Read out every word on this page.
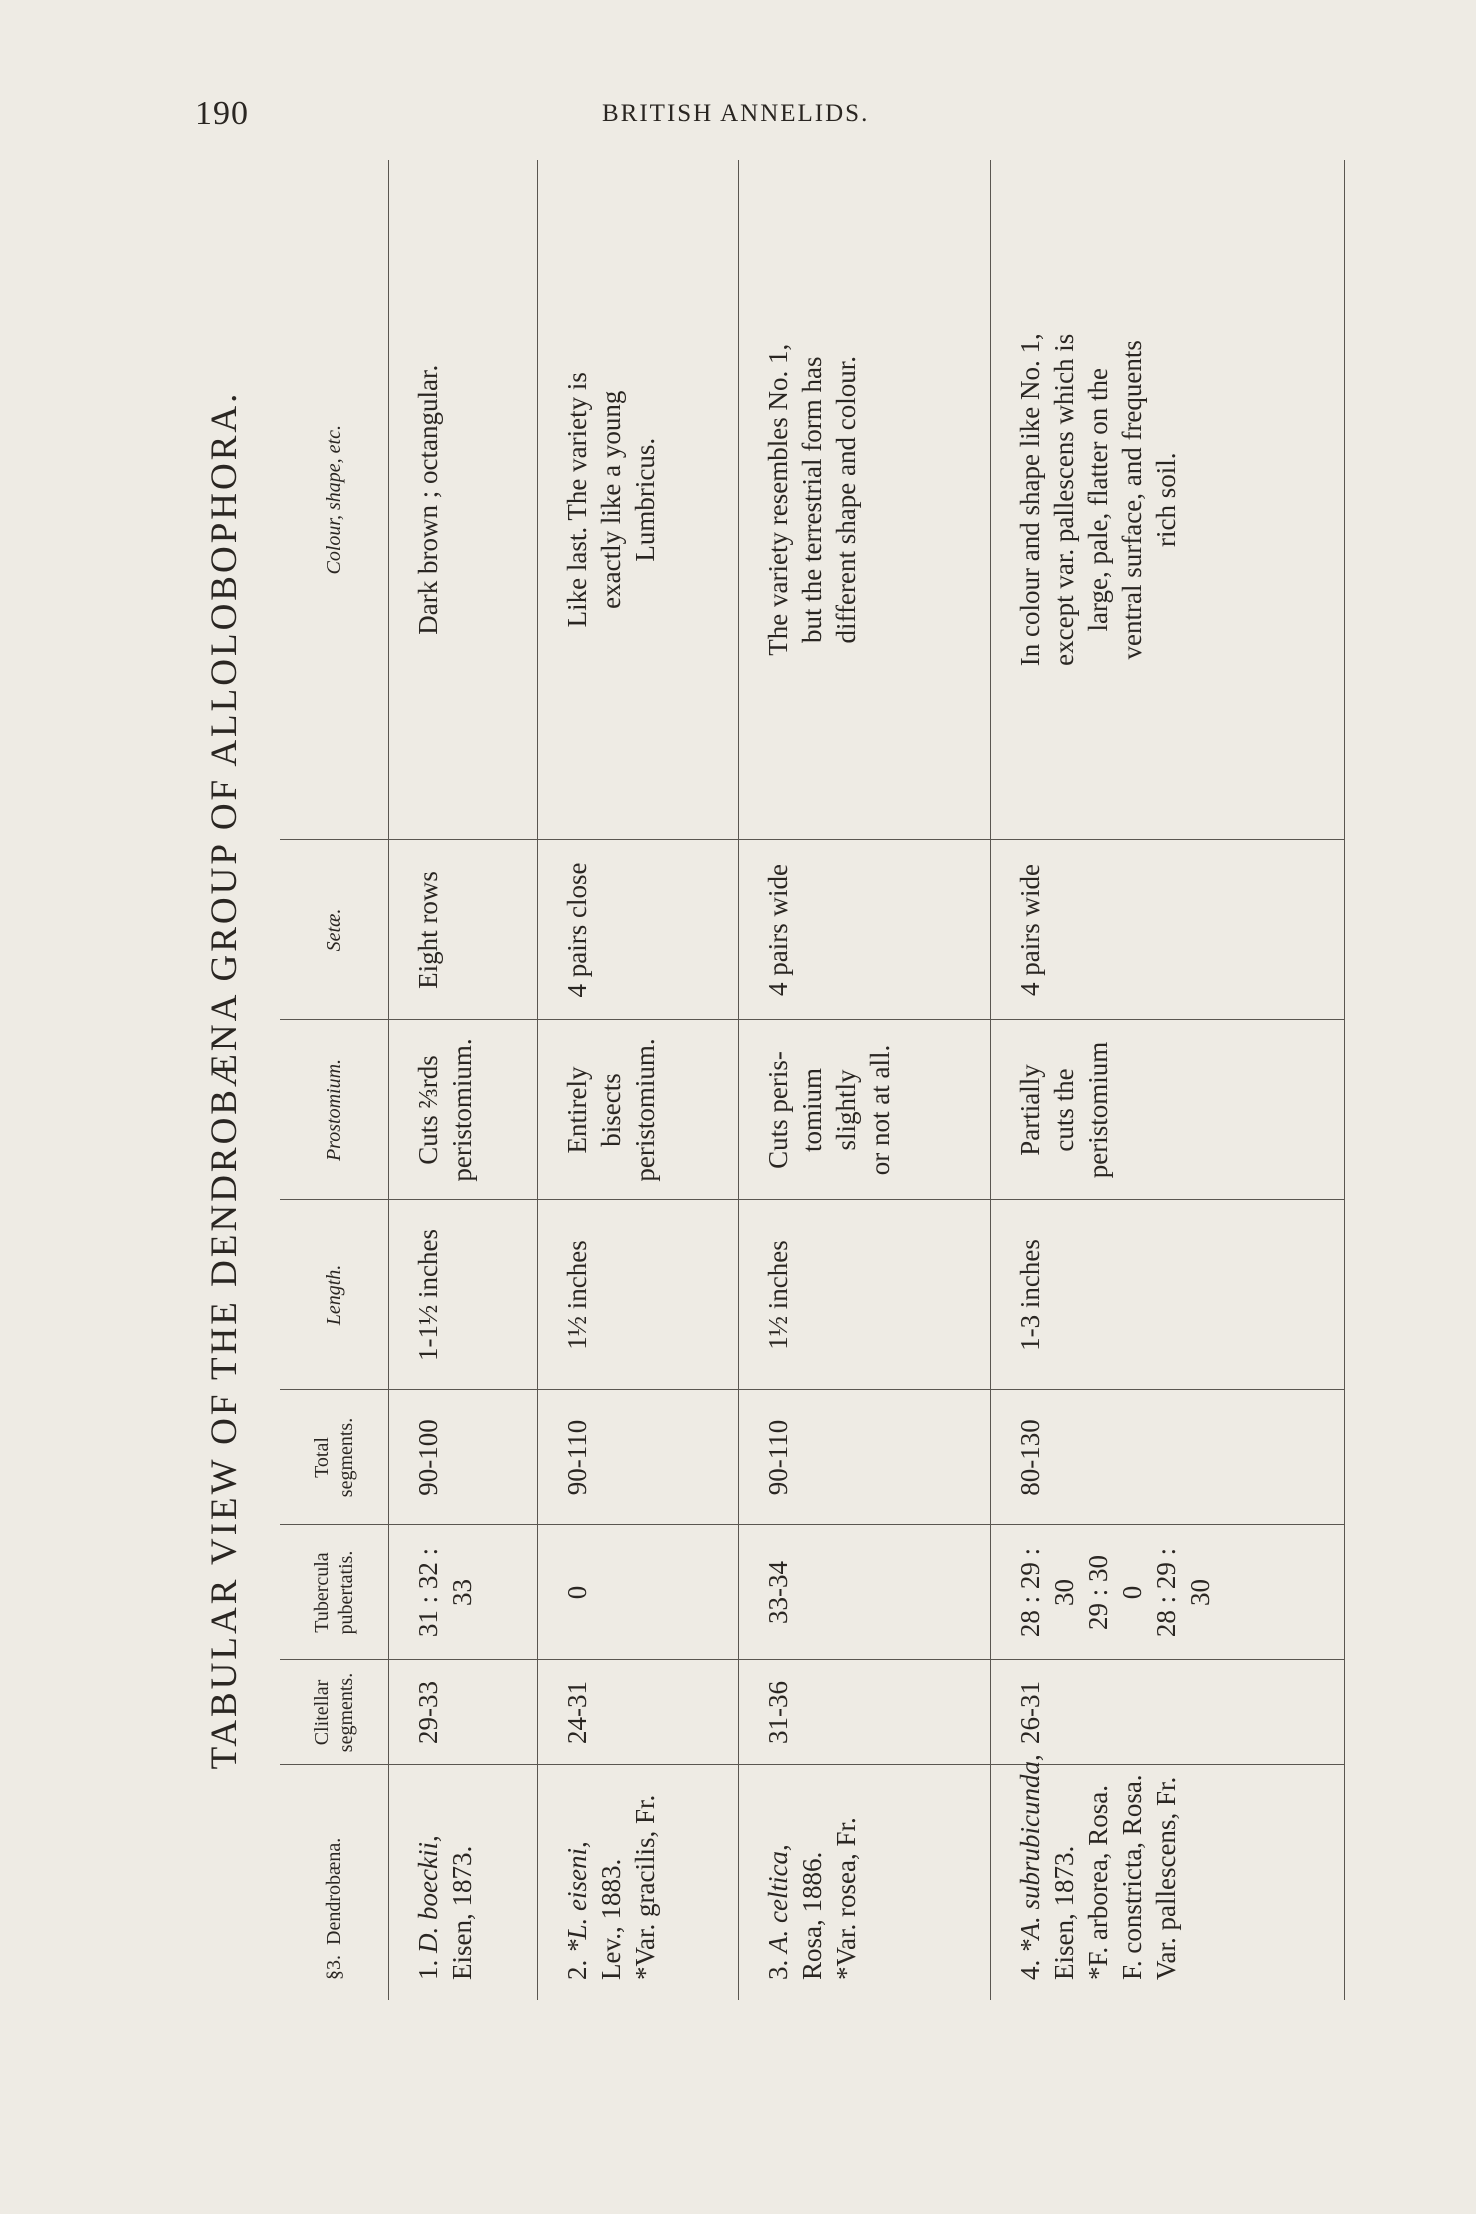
190	BRITISH ANNELIDS.
TABULAR VIEW OF THE DENDROBÆNA GROUP OF ALLOLOBOPHORA.
§3.  Dendrobæna.	Clitellar segments.	Tubercula pubertatis.	Total segments.	Length.	Prostomium.	Setæ.	Colour, shape, etc.

1. D. boeckii, Eisen, 1873.	29-33	31 : 32 : 33	90-100	1-1½ inches	Cuts ⅔rds peristomium.	Eight rows	Dark brown ; octangular.

2. *L. eiseni, Lev., 1883. *Var. gracilis, Fr.	24-31	0	90-110	1½ inches	Entirely bisects peristomium.	4 pairs close	Like last. The variety is exactly like a young Lumbricus.

3. A. celtica, Rosa, 1886. *Var. rosea, Fr.	31-36	33-34	90-110	1½ inches	Cuts peris- tomium slightly or not at all.	4 pairs wide	The variety resembles No. 1, but the terrestrial form has different shape and colour.

4. *A. subrubicunda, Eisen, 1873. *F. arborea, Rosa. F. constricta, Rosa. Var. pallescens, Fr.	26-31	28 : 29 : 30 29 : 30 0 28 : 29 : 30	80-130	1-3 inches	Partially cuts the peristomium	4 pairs wide	In colour and shape like No. 1, except var. pallescens which is large, pale, flatter on the ventral surface, and frequents rich soil.
